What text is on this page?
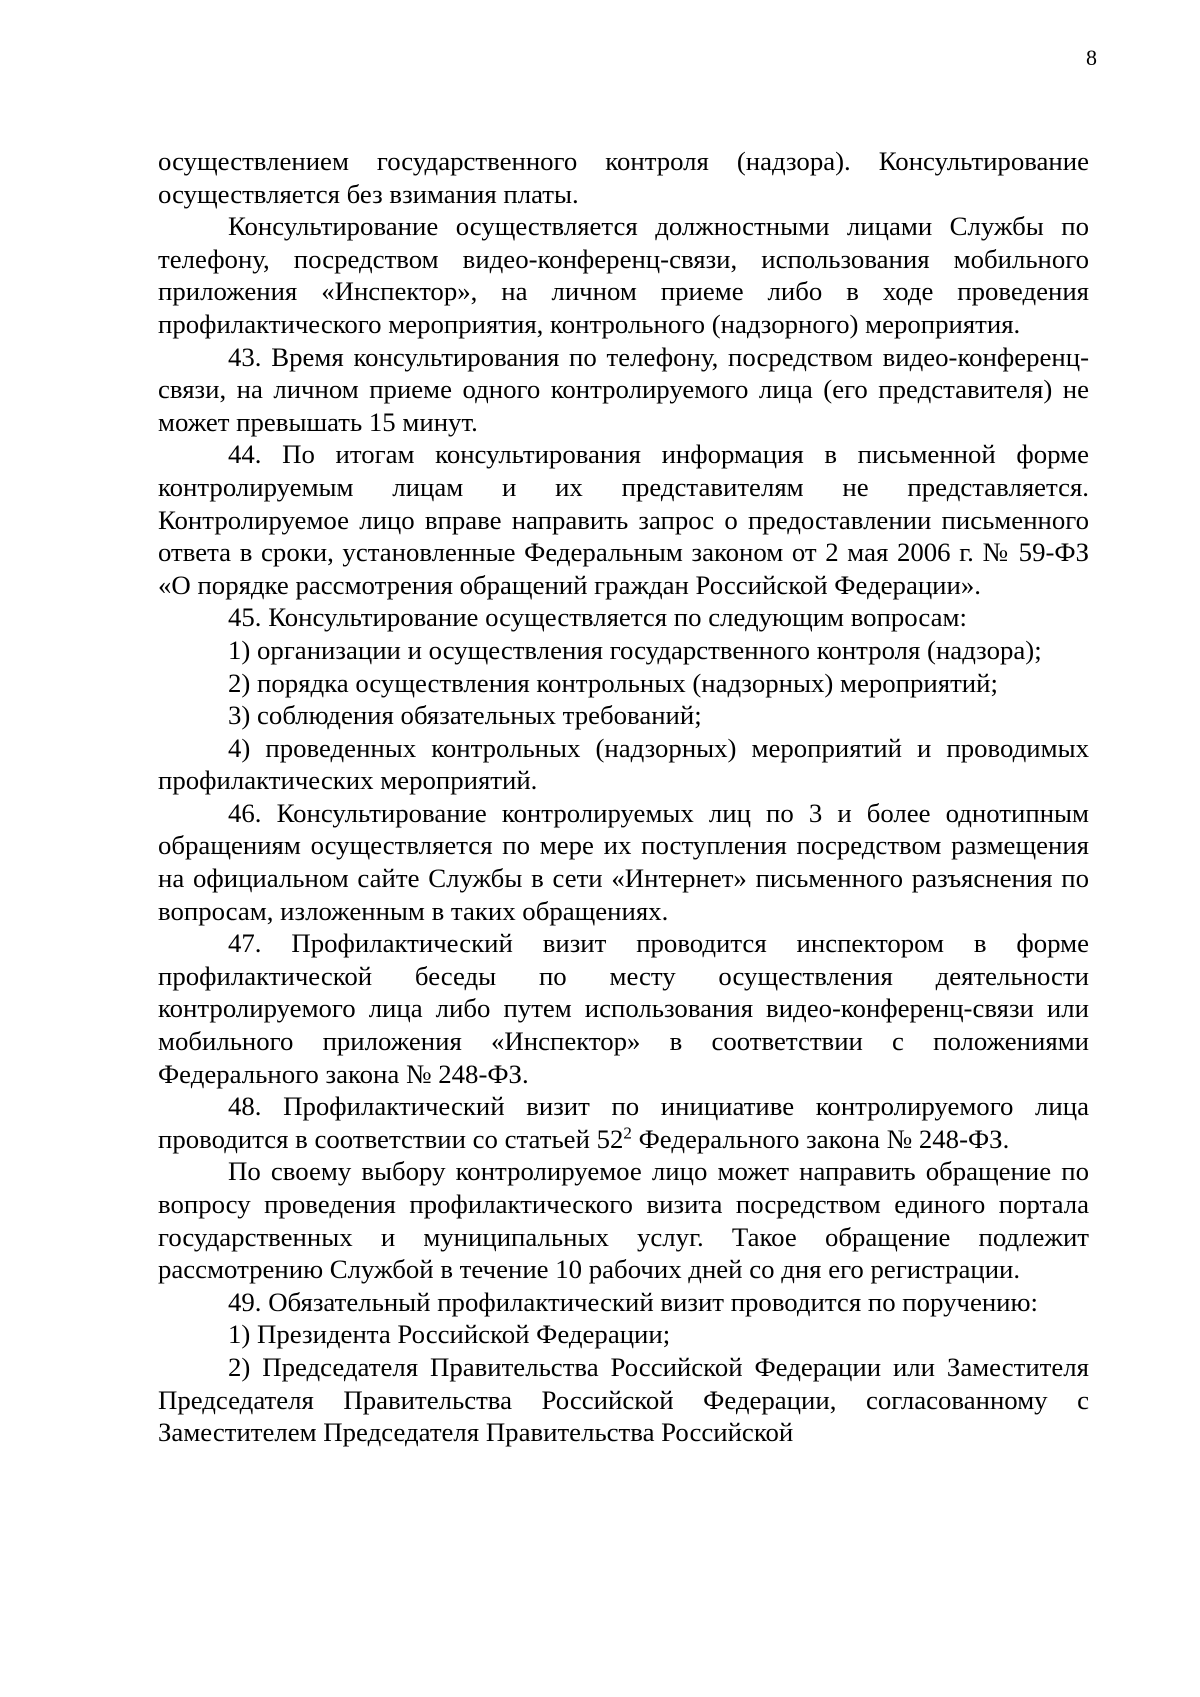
8

осуществлением государственного контроля (надзора). Консультирование осуществляется без взимания платы.

Консультирование осуществляется должностными лицами Службы по телефону, посредством видео-конференц-связи, использования мобильного приложения «Инспектор», на личном приеме либо в ходе проведения профилактического мероприятия, контрольного (надзорного) мероприятия.

43. Время консультирования по телефону, посредством видео-конференц-связи, на личном приеме одного контролируемого лица (его представителя) не может превышать 15 минут.

44. По итогам консультирования информация в письменной форме контролируемым лицам и их представителям не представляется. Контролируемое лицо вправе направить запрос о предоставлении письменного ответа в сроки, установленные Федеральным законом от 2 мая 2006 г. № 59-ФЗ «О порядке рассмотрения обращений граждан Российской Федерации».

45. Консультирование осуществляется по следующим вопросам:

1) организации и осуществления государственного контроля (надзора);

2) порядка осуществления контрольных (надзорных) мероприятий;

3) соблюдения обязательных требований;

4) проведенных контрольных (надзорных) мероприятий и проводимых профилактических мероприятий.

46. Консультирование контролируемых лиц по 3 и более однотипным обращениям осуществляется по мере их поступления посредством размещения на официальном сайте Службы в сети «Интернет» письменного разъяснения по вопросам, изложенным в таких обращениях.

47. Профилактический визит проводится инспектором в форме профилактической беседы по месту осуществления деятельности контролируемого лица либо путем использования видео-конференц-связи или мобильного приложения «Инспектор» в соответствии с положениями Федерального закона № 248-ФЗ.

48. Профилактический визит по инициативе контролируемого лица проводится в соответствии со статьей $52^2$ Федерального закона № 248-ФЗ.

По своему выбору контролируемое лицо может направить обращение по вопросу проведения профилактического визита посредством единого портала государственных и муниципальных услуг. Такое обращение подлежит рассмотрению Службой в течение 10 рабочих дней со дня его регистрации.

49. Обязательный профилактический визит проводится по поручению:

1) Президента Российской Федерации;

2) Председателя Правительства Российской Федерации или Заместителя Председателя Правительства Российской Федерации, согласованному с Заместителем Председателя Правительства Российской
